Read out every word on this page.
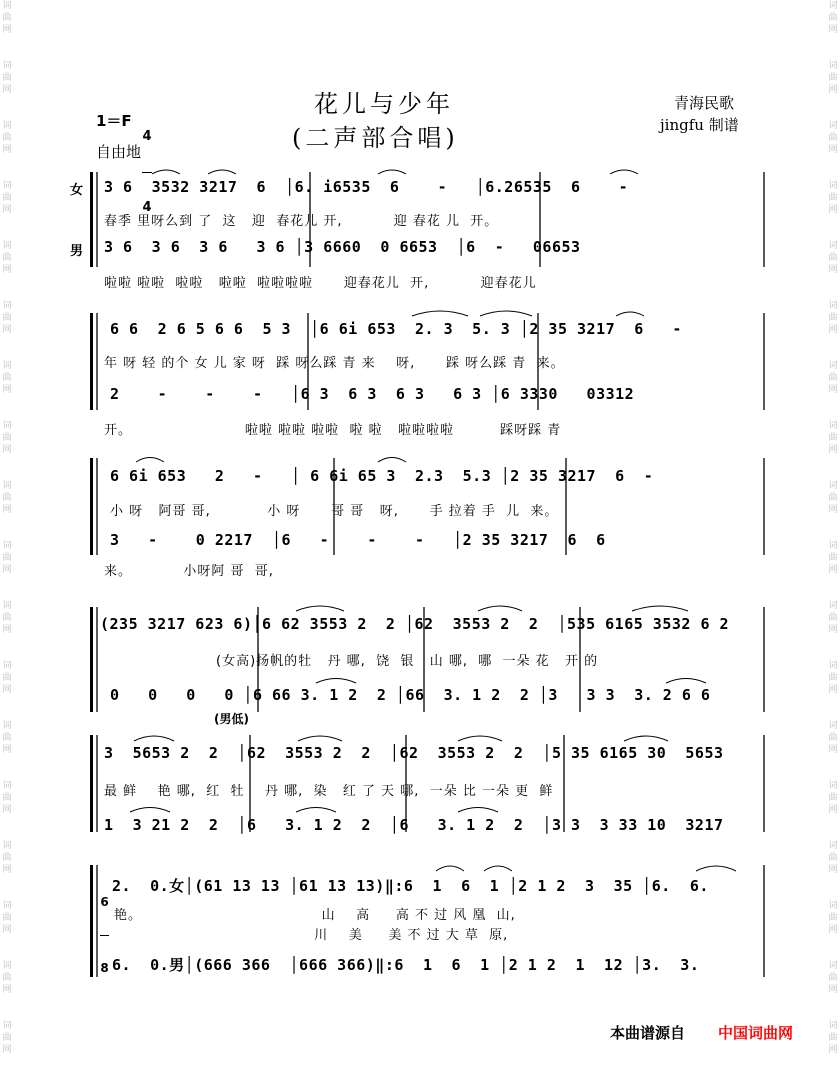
词
曲
网
词
曲
网
词
曲
网
词
曲
网
词
曲
网
词
曲
网
词
曲
网
词
曲
网
词
曲
网
词
曲
网
词
曲
网
词
曲
网
词
曲
网
词
曲
网
词
曲
网
词
曲
网
词
曲
网
词
曲
网
词
曲
网
词
曲
网
词
曲
网
词
曲
网
词
曲
网
词
曲
网
词
曲
网
词
曲
网
词
曲
网
词
曲
网
词
曲
网
词
曲
网
词
曲
网
词
曲
网
词
曲
网
词
曲
网
词
曲
网
词
曲
网
花儿与少年
(二声部合唱)
1＝F

4

4

自由地
青海民歌
jingfu 制谱
女
男
3 6  3532 3217  6  │6. i6535  6    -   │6.26535  6    -
春季 里呀么到 了  这   迎  春花儿 开,          迎 春花 儿  开。
3 6  3 6  3 6   3 6 │3 6660  0 6653  │6  -   06653
啦啦 啦啦  啦啦   啦啦  啦啦啦啦      迎春花儿  开,          迎春花儿
6 6  2 6 5 6 6  5 3  │6 6i 653  2. 3  5. 3 │2 35 3217  6   -
年 呀 轻 的个 女 儿 家 呀  踩 呀么踩 青 来    呀,      踩 呀么踩 青  来。
2    -    -    -   │6 3  6 3  6 3   6 3 │6 3330   03312
开。                      啦啦 啦啦 啦啦  啦 啦   啦啦啦啦         踩呀踩 青
6 6i 653   2   -   │ 6 6i 65 3  2.3  5.3 │2 35 3217  6  -
小 呀   阿哥 哥,           小 呀      哥 哥   呀,      手 拉着 手  儿  来。
3   -    0 2217  │6   -    -    -   │2 35 3217  6  6
来。          小呀阿 哥  哥,
(235 3217 623 6)│6 62 3553 2  2 │62  3553 2  2  │535 6165 3532 6 2
(女高)扬帆的牡   丹 哪,  饶  银   山 哪,  哪  一朵 花   开 的
0   0   0   0 │6 66 3. 1 2  2 │66  3. 1 2  2 │3   3 3  3. 2 6 6
(男低)
3  5653 2  2  │62  3553 2  2  │62  3553 2  2  │5 35 6165 30  5653
最 鲜    艳 哪,  红  牡    丹 哪,  染   红 了 天 哪,  一朵 比 一朵 更  鲜
1  3 21 2  2  │6   3. 1 2  2  │6   3. 1 2  2  │3 3  3 33 10  3217

6

8

2.  0.女│(61 13 13 │61 13 13)‖:6  1  6  1 │2 1 2  3  35 │6.  6.
艳。                                   山    高     高 不 过 风 凰  山,
川    美     美 不 过 大 草  原,
6.  0.男│(666 366  │666 366)‖:6  1  6  1 │2 1 2  1  12 │3.  3.
本曲谱源自 中国词曲网
